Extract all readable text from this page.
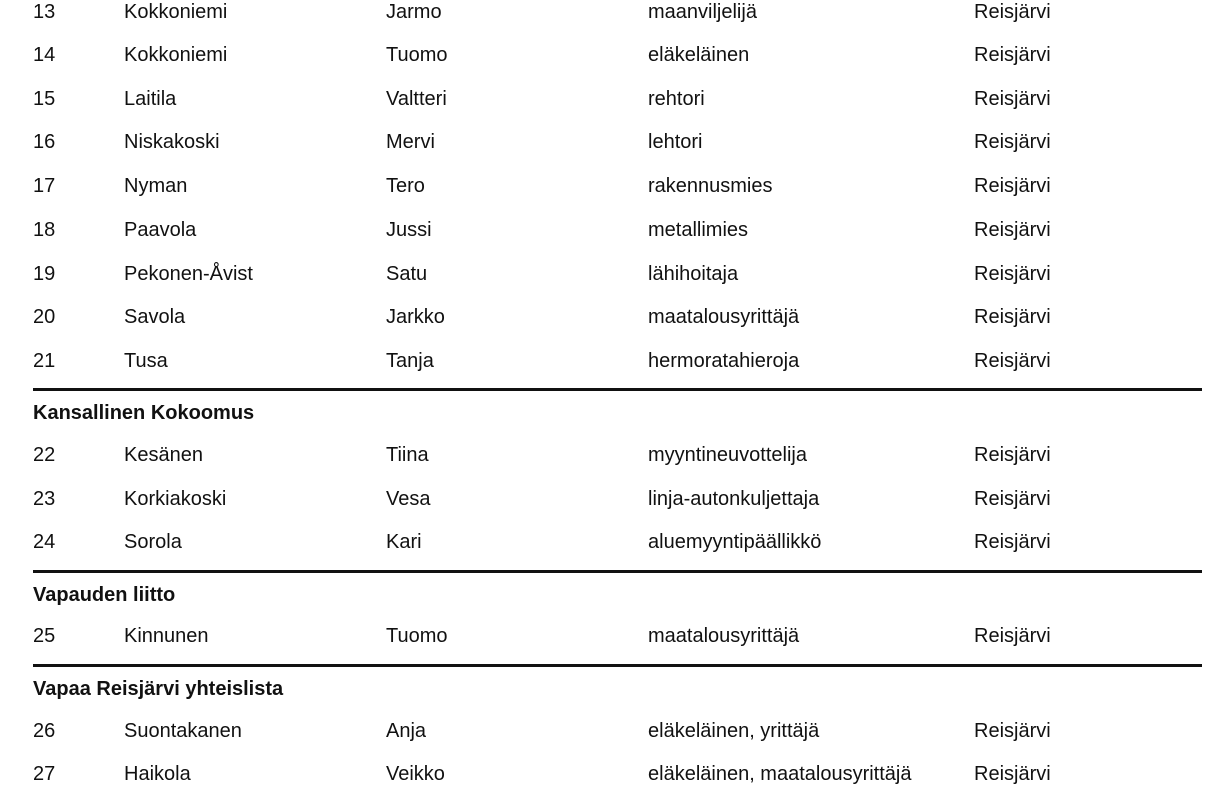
13	Kokkoniemi	Jarmo	maanviljelijä	Reisjärvi
14	Kokkoniemi	Tuomo	eläkeläinen	Reisjärvi
15	Laitila	Valtteri	rehtori	Reisjärvi
16	Niskakoski	Mervi	lehtori	Reisjärvi
17	Nyman	Tero	rakennusmies	Reisjärvi
18	Paavola	Jussi	metallimies	Reisjärvi
19	Pekonen-Åvist	Satu	lähihoitaja	Reisjärvi
20	Savola	Jarkko	maatalousyrittäjä	Reisjärvi
21	Tusa	Tanja	hermoratahieroja	Reisjärvi
Kansallinen Kokoomus
22	Kesänen	Tiina	myyntineuvottelija	Reisjärvi
23	Korkiakoski	Vesa	linja-autonkuljettaja	Reisjärvi
24	Sorola	Kari	aluemyyntipäällikkö	Reisjärvi
Vapauden liitto
25	Kinnunen	Tuomo	maatalousyrittäjä	Reisjärvi
Vapaa Reisjärvi yhteislista
26	Suontakanen	Anja	eläkeläinen, yrittäjä	Reisjärvi
27	Haikola	Veikko	eläkeläinen, maatalousyrittäjä	Reisjärvi
